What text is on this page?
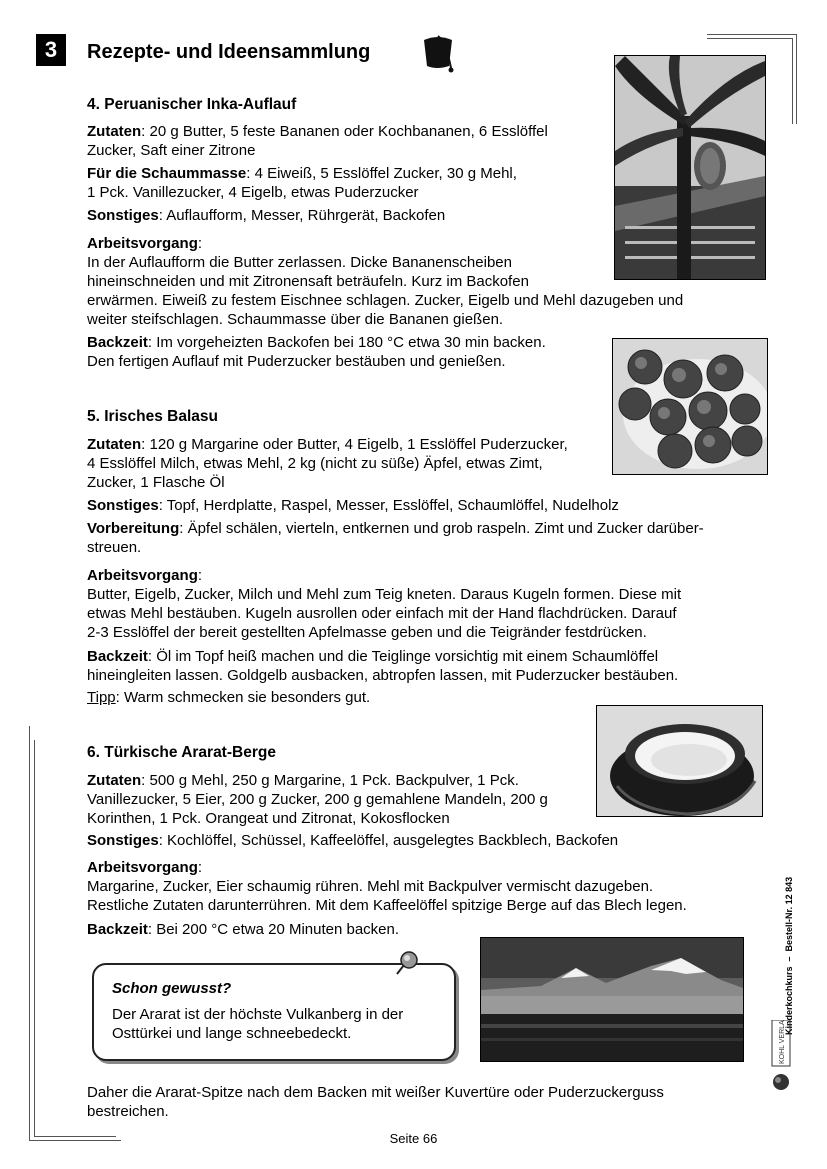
3	Rezepte- und Ideensammlung
4. Peruanischer Inka-Auflauf

Zutaten: 20 g Butter, 5 feste Bananen oder Kochbananen, 6 Esslöffel

Zucker, Saft einer Zitrone

Für die Schaummasse: 4 Eiweiß, 5 Esslöffel Zucker, 30 g Mehl,

1 Pck. Vanillezucker, 4 Eigelb, etwas Puderzucker

Sonstiges: Auflaufform, Messer, Rührgerät, Backofen

Arbeitsvorgang:

In der Auflaufform die Butter zerlassen. Dicke Bananenscheiben

hineinschneiden und mit Zitronensaft beträufeln. Kurz im Backofen

erwärmen. Eiweiß zu festem Eischnee schlagen. Zucker, Eigelb und Mehl dazugeben und

weiter steifschlagen. Schaummasse über die Bananen gießen.

Backzeit: Im vorgeheizten Backofen bei 180 °C etwa 30 min backen.

Den fertigen Auflauf mit Puderzucker bestäuben und genießen.

5. Irisches Balasu

Zutaten: 120 g Margarine oder Butter, 4 Eigelb, 1 Esslöffel Puderzucker,

4 Esslöffel Milch, etwas Mehl, 2 kg (nicht zu süße) Äpfel, etwas Zimt,

Zucker, 1 Flasche Öl

Sonstiges: Topf, Herdplatte, Raspel, Messer, Esslöffel, Schaumlöffel, Nudelholz

Vorbereitung: Äpfel schälen, vierteln, entkernen und grob raspeln. Zimt und Zucker darüber-

streuen.

Arbeitsvorgang:

Butter, Eigelb, Zucker, Milch und Mehl zum Teig kneten. Daraus Kugeln formen. Diese mit

etwas Mehl bestäuben. Kugeln ausrollen oder einfach mit der Hand flachdrücken. Darauf

2-3 Esslöffel der bereit gestellten Apfelmasse geben und die Teigränder festdrücken.

Backzeit: Öl im Topf heiß machen und die Teiglinge vorsichtig mit einem Schaumlöffel

hineingleiten lassen. Goldgelb ausbacken, abtropfen lassen, mit Puderzucker bestäuben.

Tipp: Warm schmecken sie besonders gut.

6. Türkische Ararat-Berge

Zutaten: 500 g Mehl, 250 g Margarine, 1 Pck. Backpulver, 1 Pck.

Vanillezucker, 5 Eier, 200 g Zucker, 200 g gemahlene Mandeln, 200 g

Korinthen, 1 Pck. Orangeat und Zitronat, Kokosflocken

Sonstiges: Kochlöffel, Schüssel, Kaffeelöffel, ausgelegtes Backblech, Backofen

Arbeitsvorgang:

Margarine, Zucker, Eier schaumig rühren. Mehl mit Backpulver vermischt dazugeben.

Restliche Zutaten darunterrühren. Mit dem Kaffeelöffel spitzige Berge auf das Blech legen.

Backzeit: Bei 200 °C etwa 20 Minuten backen.

Schon gewusst?

Der Ararat ist der höchste Vulkanberg in der

Osttürkei und lange schneebedeckt.

Daher die Ararat-Spitze nach dem Backen mit weißer Kuvertüre oder Puderzuckerguss

bestreichen.

Kinderkochkurs  –  Bestell-Nr. 12 843
KOHL VERLAG
Seite 66
